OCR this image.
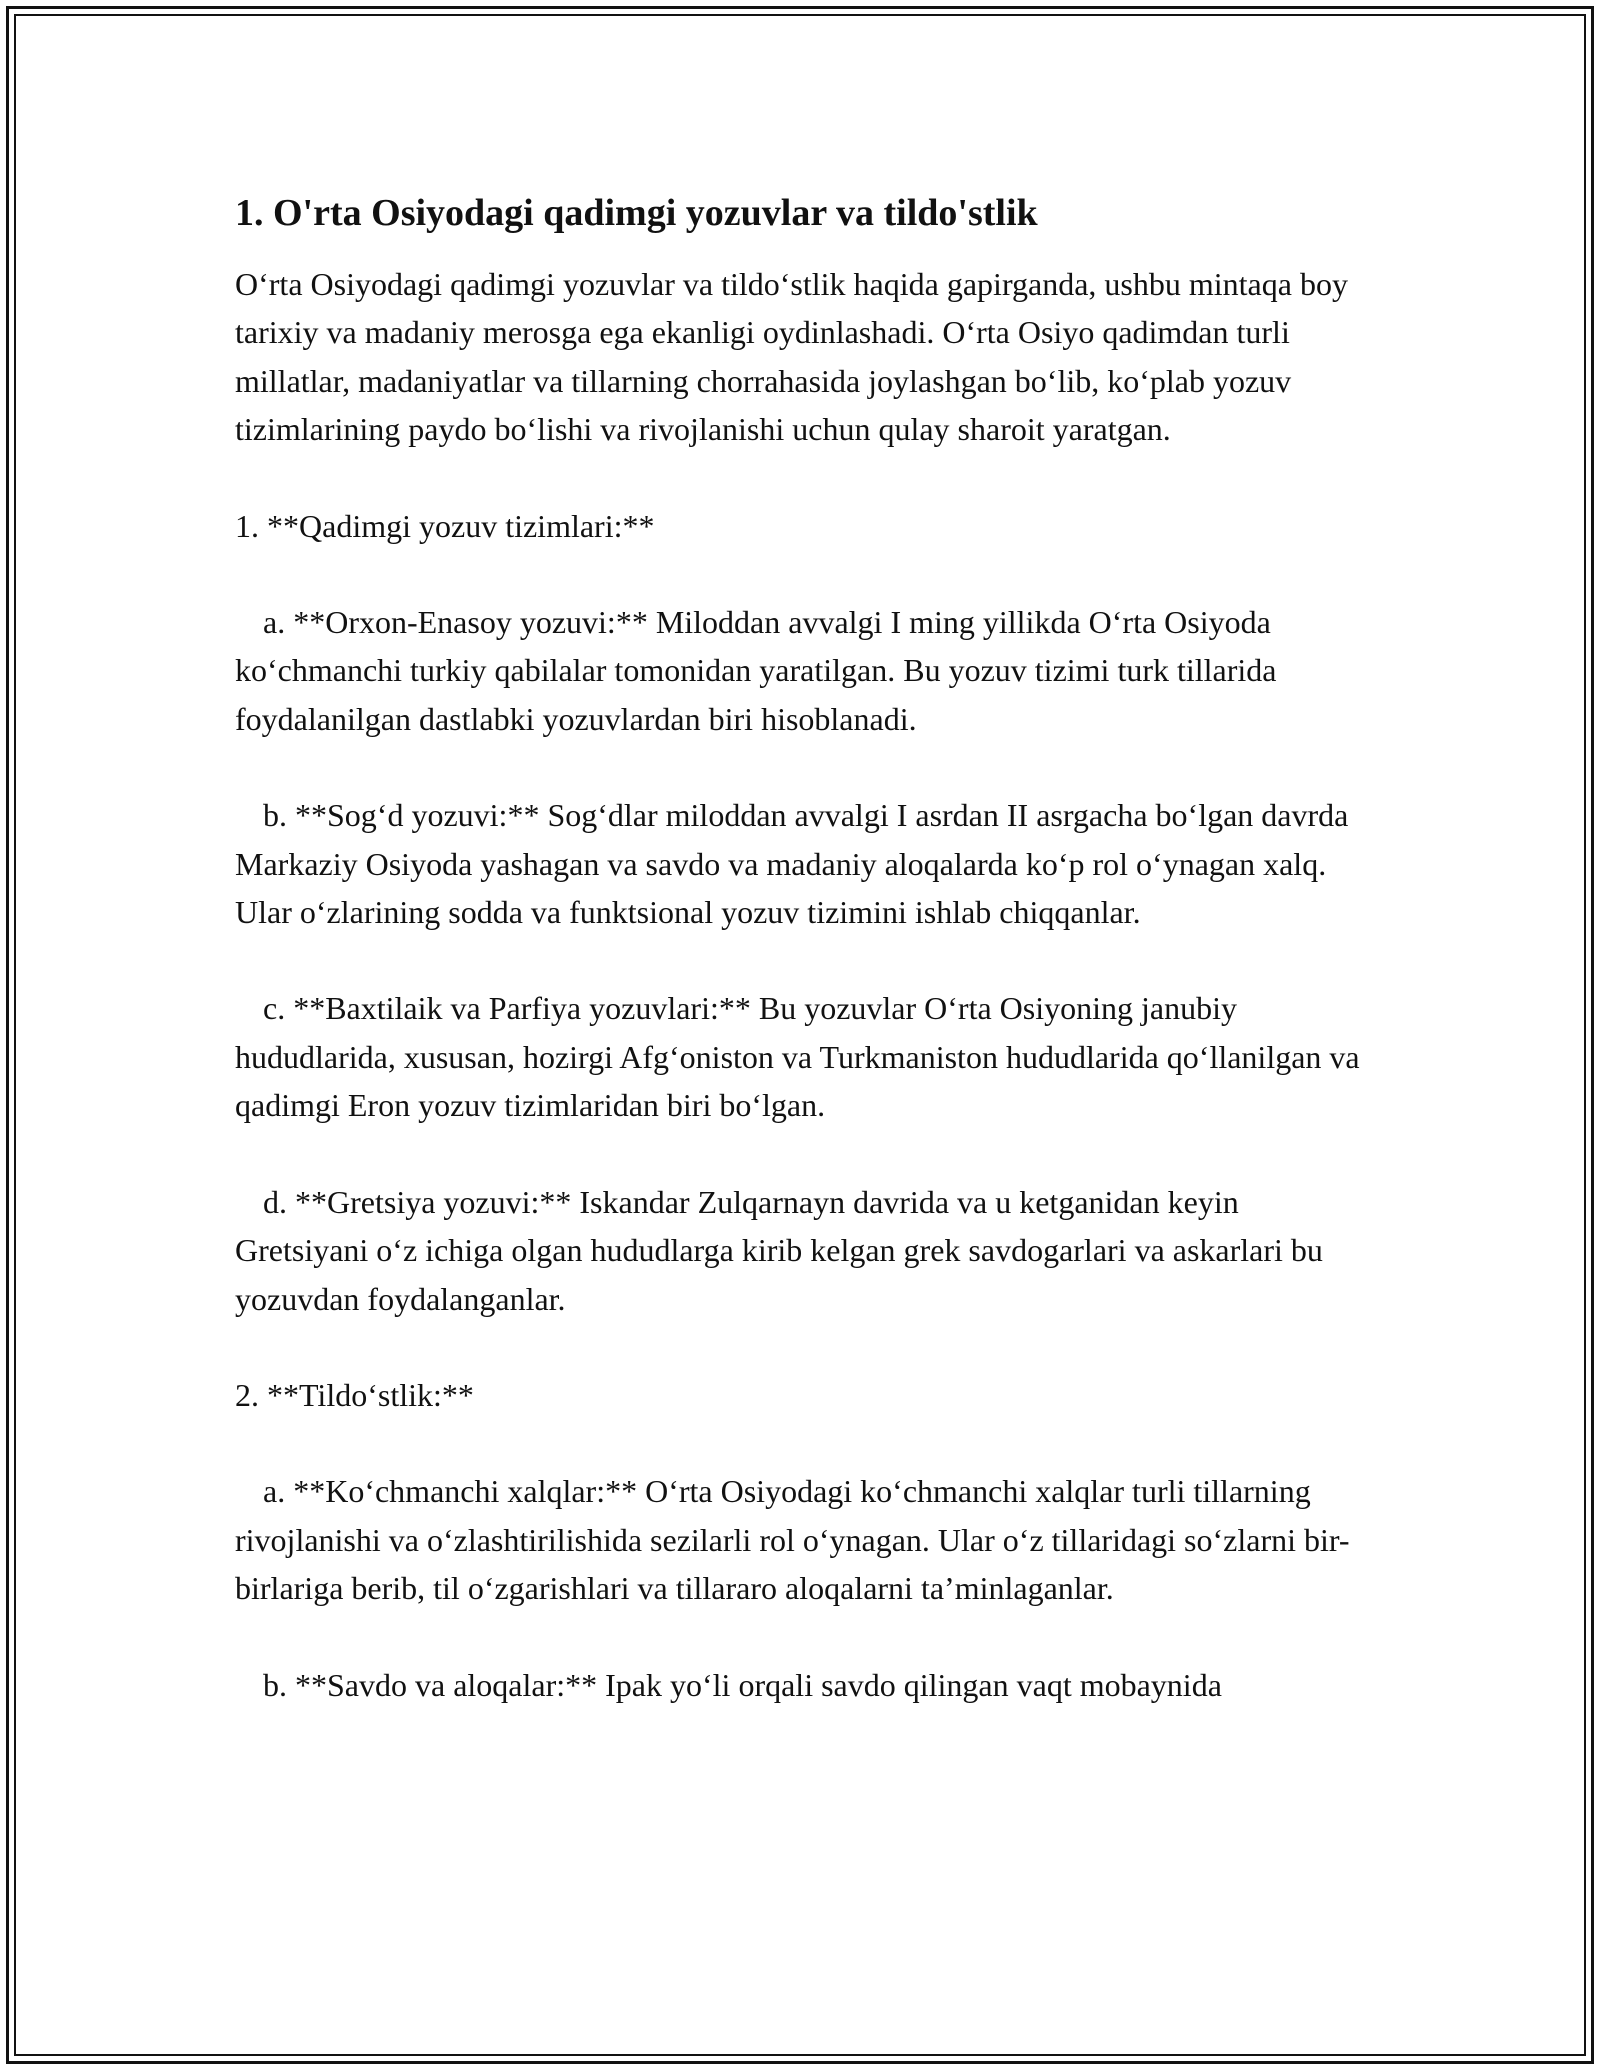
1. O'rta Osiyodagi qadimgi yozuvlar va tildo'stlik

O‘rta Osiyodagi qadimgi yozuvlar va tildo‘stlik haqida gapirganda, ushbu mintaqa boy tarixiy va madaniy merosga ega ekanligi oydinlashadi. O‘rta Osiyo qadimdan turli millatlar, madaniyatlar va tillarning chorrahasida joylashgan bo‘lib, ko‘plab yozuv tizimlarining paydo bo‘lishi va rivojlanishi uchun qulay sharoit yaratgan.

1. **Qadimgi yozuv tizimlari:**

a. **Orxon-Enasoy yozuvi:** Miloddan avvalgi I ming yillikda O‘rta Osiyoda ko‘chmanchi turkiy qabilalar tomonidan yaratilgan. Bu yozuv tizimi turk tillarida foydalanilgan dastlabki yozuvlardan biri hisoblanadi.

b. **Sog‘d yozuvi:** Sog‘dlar miloddan avvalgi I asrdan II asrgacha bo‘lgan davrda Markaziy Osiyoda yashagan va savdo va madaniy aloqalarda ko‘p rol o‘ynagan xalq. Ular o‘zlarining sodda va funktsional yozuv tizimini ishlab chiqqanlar.

c. **Baxtilaik va Parfiya yozuvlari:** Bu yozuvlar O‘rta Osiyoning janubiy hududlarida, xususan, hozirgi Afg‘oniston va Turkmaniston hududlarida qo‘llanilgan va qadimgi Eron yozuv tizimlaridan biri bo‘lgan.

d. **Gretsiya yozuvi:** Iskandar Zulqarnayn davrida va u ketganidan keyin Gretsiyani o‘z ichiga olgan hududlarga kirib kelgan grek savdogarlari va askarlari bu yozuvdan foydalanganlar.

2. **Tildo‘stlik:**

a. **Ko‘chmanchi xalqlar:** O‘rta Osiyodagi ko‘chmanchi xalqlar turli tillarning rivojlanishi va o‘zlashtirilishida sezilarli rol o‘ynagan. Ular o‘z tillaridagi so‘zlarni bir-birlariga berib, til o‘zgarishlari va tillararo aloqalarni ta’minlaganlar.

b. **Savdo va aloqalar:** Ipak yo‘li orqali savdo qilingan vaqt mobaynida
